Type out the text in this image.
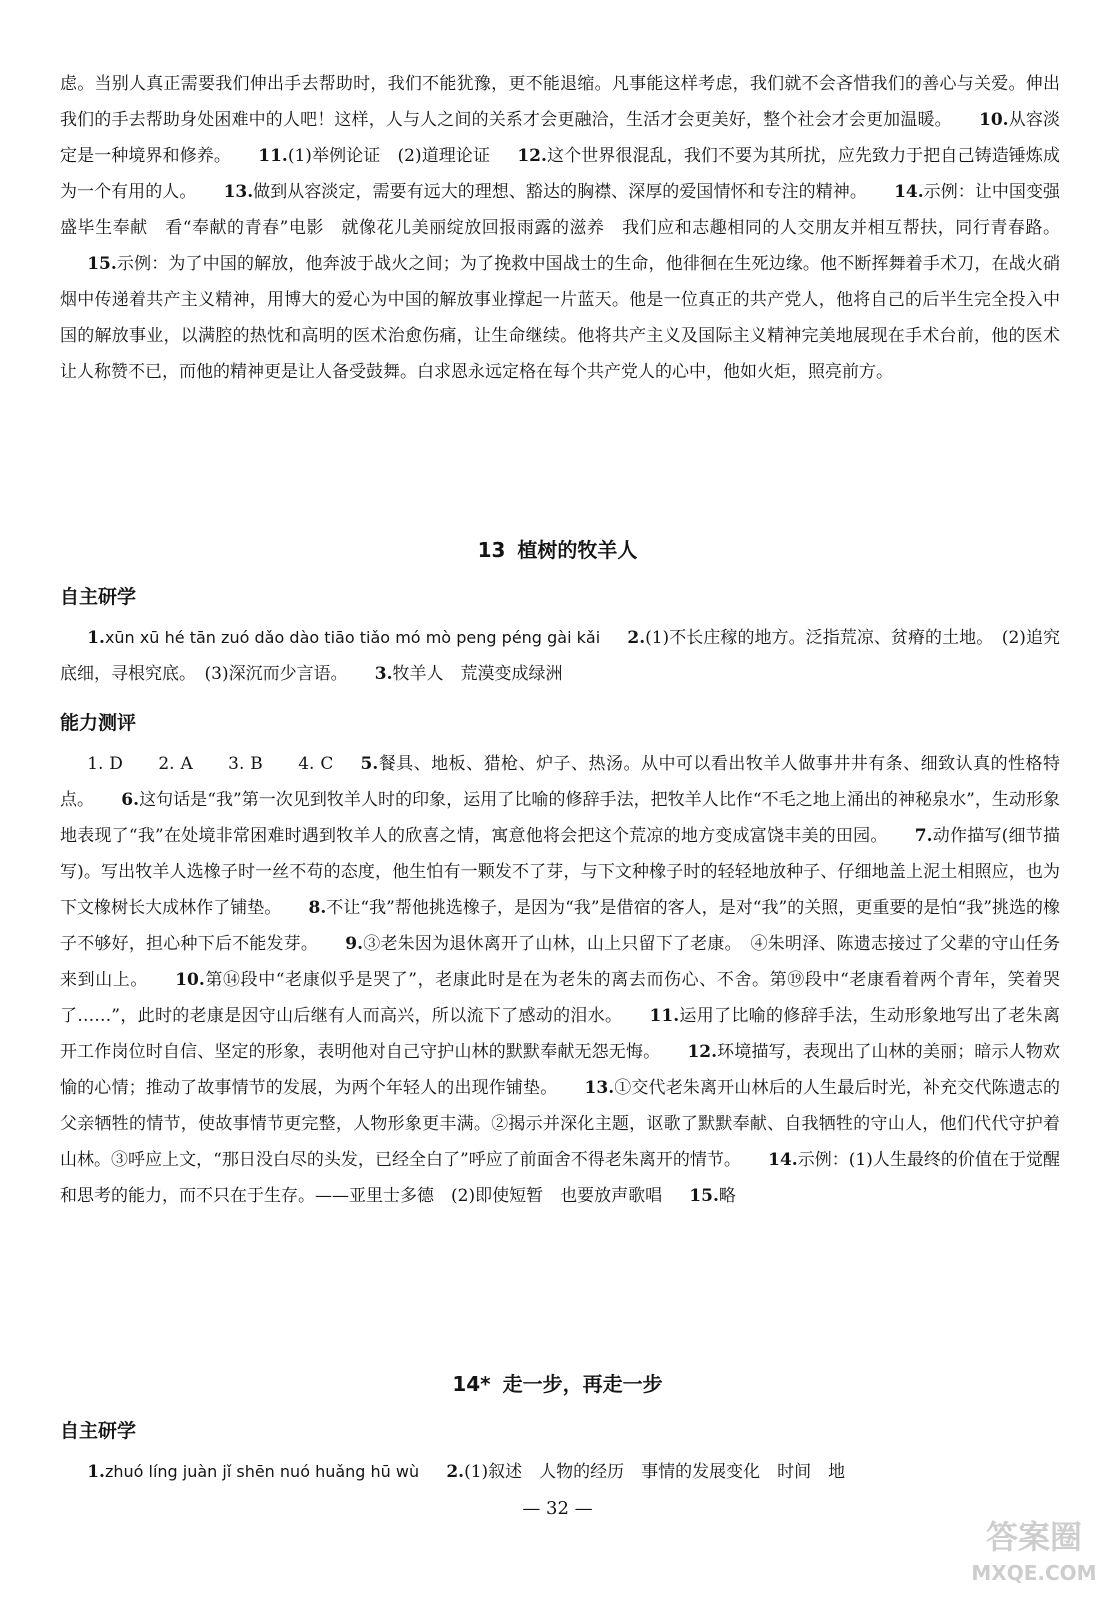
虑。当别人真正需要我们伸出手去帮助时，我们不能犹豫，更不能退缩。凡事能这样考虑，我们就不会吝惜我们的善心与关爱。伸出我们的手去帮助身处困难中的人吧！这样，人与人之间的关系才会更融洽，生活才会更美好，整个社会才会更加温暖。 10.从容淡定是一种境界和修养。 11.(1)举例论证　(2)道理论证 12.这个世界很混乱，我们不要为其所扰，应先致力于把自己铸造锤炼成为一个有用的人。 13.做到从容淡定，需要有远大的理想、豁达的胸襟、深厚的爱国情怀和专注的精神。 14.示例：让中国变强盛毕生奉献　看“奉献的青春”电影　就像花儿美丽绽放回报雨露的滋养　我们应和志趣相同的人交朋友并相互帮扶，同行青春路。15.示例：为了中国的解放，他奔波于战火之间；为了挽救中国战士的生命，他徘徊在生死边缘。他不断挥舞着手术刀，在战火硝烟中传递着共产主义精神，用博大的爱心为中国的解放事业撑起一片蓝天。他是一位真正的共产党人，他将自己的后半生完全投入中国的解放事业，以满腔的热忱和高明的医术治愈伤痛，让生命继续。他将共产主义及国际主义精神完美地展现在手术台前，他的医术让人称赞不已，而他的精神更是让人备受鼓舞。白求恩永远定格在每个共产党人的心中，他如火炬，照亮前方。

13 植树的牧羊人
自主研学

1.xūn xū hé tān zuó dǎo dào tiāo tiǎo mó mò peng péng gài kǎi 2.(1)不长庄稼的地方。泛指荒凉、贫瘠的土地。　(2)追究底细，寻根究底。　(3)深沉而少言语。 3.牧羊人　荒漠变成绿洲

能力测评

1. D　　2. A　　3. B　　4. C 5.餐具、地板、猎枪、炉子、热汤。从中可以看出牧羊人做事井井有条、细致认真的性格特点。 6.这句话是“我”第一次见到牧羊人时的印象，运用了比喻的修辞手法，把牧羊人比作“不毛之地上涌出的神秘泉水”，生动形象地表现了“我”在处境非常困难时遇到牧羊人的欣喜之情，寓意他将会把这个荒凉的地方变成富饶丰美的田园。 7.动作描写(细节描写)。写出牧羊人选橡子时一丝不苟的态度，他生怕有一颗发不了芽，与下文种橡子时的轻轻地放种子、仔细地盖上泥土相照应，也为下文橡树长大成林作了铺垫。 8.不让“我”帮他挑选橡子，是因为“我”是借宿的客人，是对“我”的关照，更重要的是怕“我”挑选的橡子不够好，担心种下后不能发芽。 9.③老朱因为退休离开了山林，山上只留下了老康。　④朱明泽、陈遗志接过了父辈的守山任务来到山上。 10.第⑭段中“老康似乎是哭了”，老康此时是在为老朱的离去而伤心、不舍。第⑲段中“老康看着两个青年，笑着哭了……”，此时的老康是因守山后继有人而高兴，所以流下了感动的泪水。 11.运用了比喻的修辞手法，生动形象地写出了老朱离开工作岗位时自信、坚定的形象，表明他对自己守护山林的默默奉献无怨无悔。 12.环境描写，表现出了山林的美丽；暗示人物欢愉的心情；推动了故事情节的发展，为两个年轻人的出现作铺垫。 13.①交代老朱离开山林后的人生最后时光，补充交代陈遗志的父亲牺牲的情节，使故事情节更完整，人物形象更丰满。②揭示并深化主题，讴歌了默默奉献、自我牺牲的守山人，他们代代守护着山林。③呼应上文，“那日没白尽的头发，已经全白了”呼应了前面舍不得老朱离开的情节。 14.示例：(1)人生最终的价值在于觉醒和思考的能力，而不只在于生存。——亚里士多德　(2)即使短暂　也要放声歌唱 15.略

14* 走一步，再走一步
自主研学

1.zhuó líng juàn jǐ shēn nuó huǎng hū wù 2.(1)叙述　人物的经历　事情的发展变化　时间　地

— 32 —
答案圈
MXQE.COM
